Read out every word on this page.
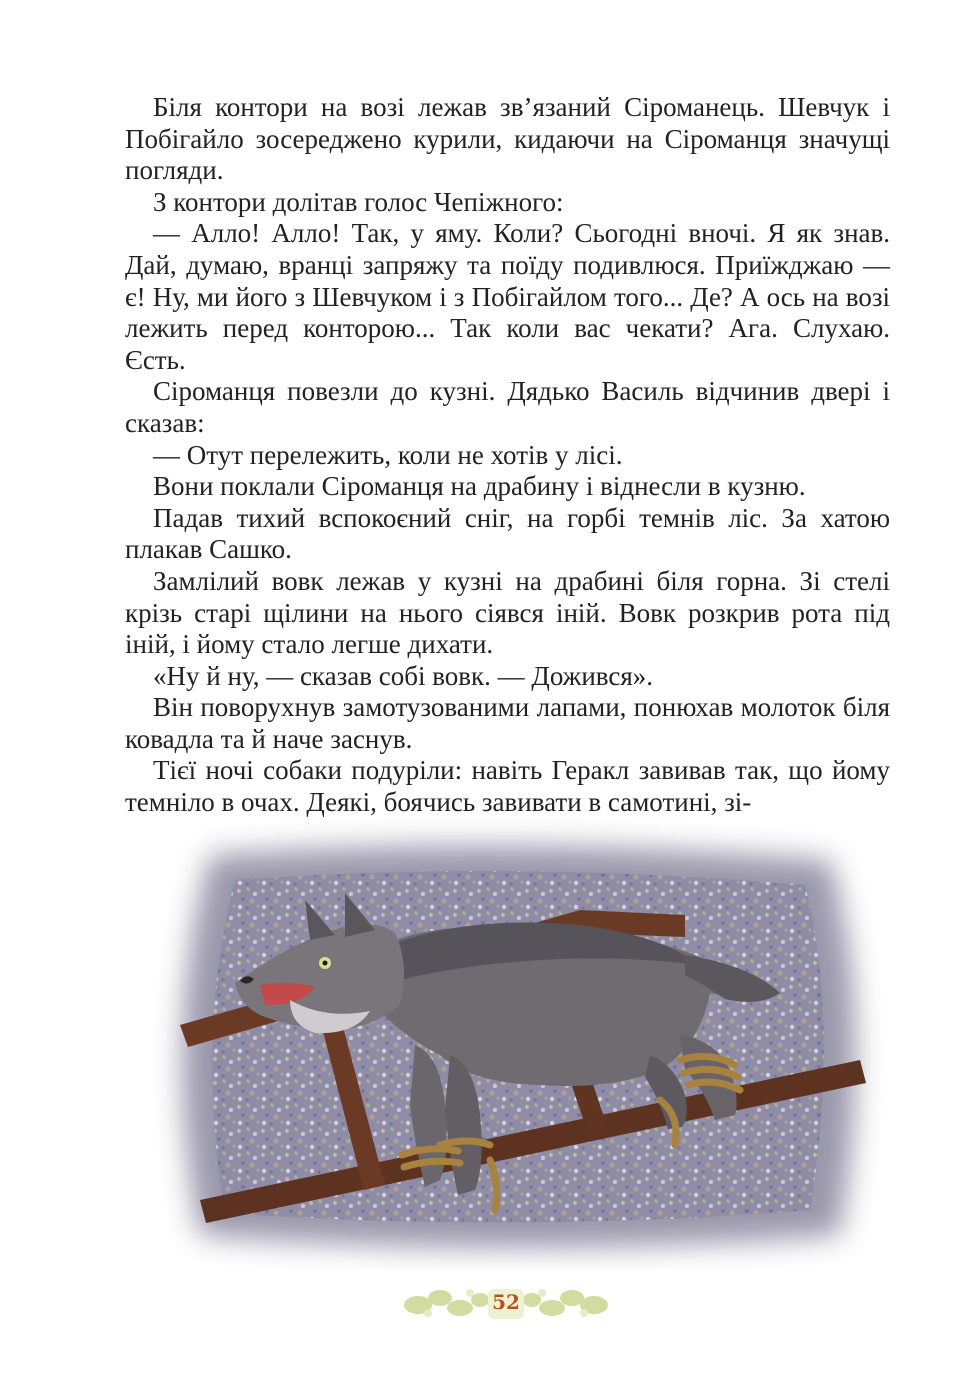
Біля контори на возі лежав зв’язаний Сіроманець. Шевчук і Побігайло зосереджено курили, кидаючи на Сіроманця значущі погляди.

З контори долітав голос Чепіжного:

— Алло! Алло! Так, у яму. Коли? Сьогодні вночі. Я як знав. Дай, думаю, вранці запряжу та поїду подивлюся. Приїжджаю — є! Ну, ми його з Шевчуком і з Побігайлом того... Де? А ось на возі лежить перед конторою... Так коли вас чекати? Ага. Слухаю. Єсть.

Сіроманця повезли до кузні. Дядько Василь відчинив двері і сказав:

— Отут перележить, коли не хотів у лісі.

Вони поклали Сіроманця на драбину і віднесли в кузню.

Падав тихий вспокоєний сніг, на горбі темнів ліс. За хатою плакав Сашко.

Замлілий вовк лежав у кузні на драбині біля горна. Зі стелі крізь старі щілини на нього сіявся іній. Вовк розкрив рота під іній, і йому стало легше дихати.

«Ну й ну, — сказав собі вовк. — Дожився».

Він поворухнув замотузованими лапами, понюхав молоток біля ковадла та й наче заснув.

Тієї ночі собаки подуріли: навіть Геракл завивав так, що йому темніло в очах. Деякі, боячись завивати в самотині, зі-

52
